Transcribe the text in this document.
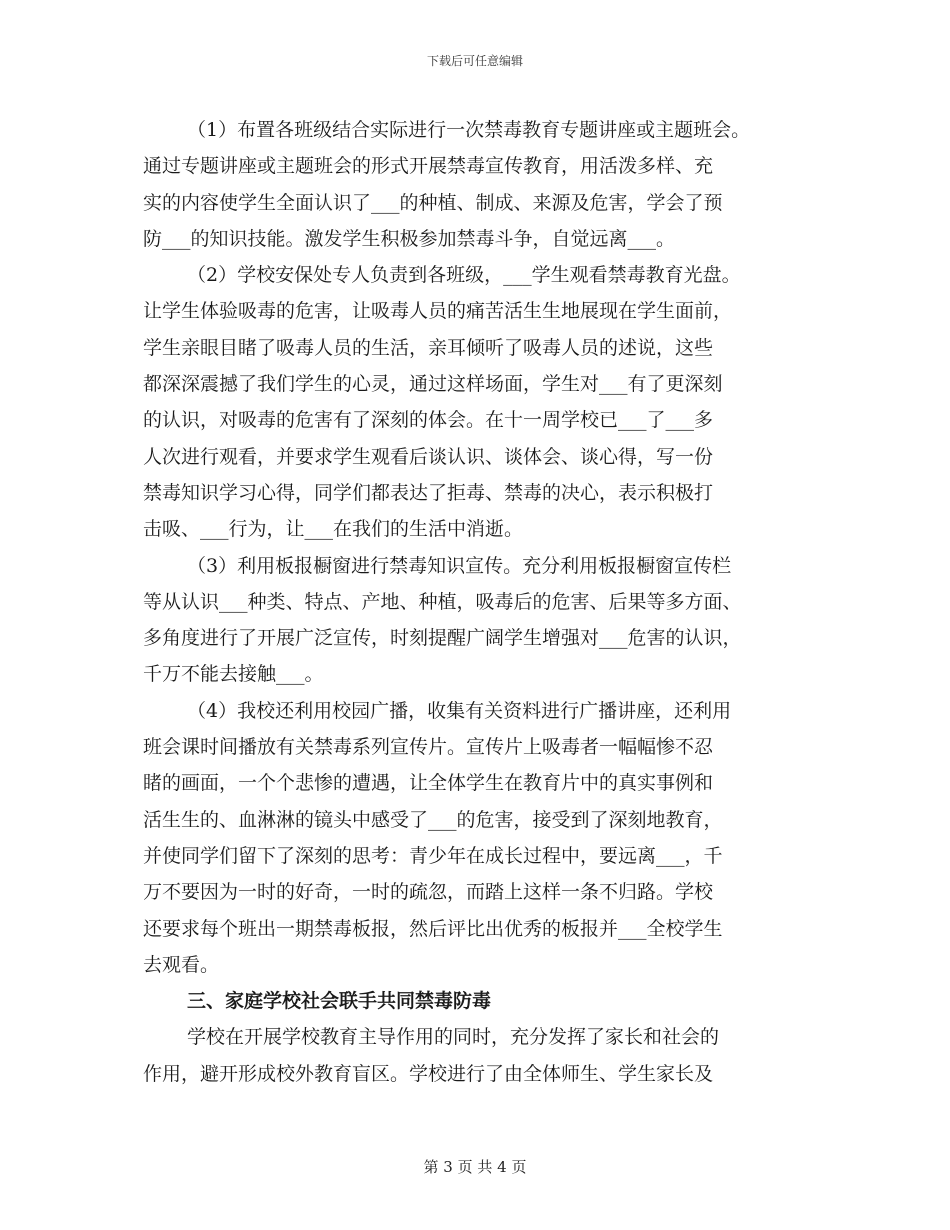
下载后可任意编辑
（1）布置各班级结合实际进行一次禁毒教育专题讲座或主题班会。
通过专题讲座或主题班会的形式开展禁毒宣传教育，用活泼多样、充
实的内容使学生全面认识了___的种植、制成、来源及危害，学会了预
防___的知识技能。激发学生积极参加禁毒斗争，自觉远离___。
（2）学校安保处专人负责到各班级，___学生观看禁毒教育光盘。
让学生体验吸毒的危害，让吸毒人员的痛苦活生生地展现在学生面前，
学生亲眼目睹了吸毒人员的生活，亲耳倾听了吸毒人员的述说，这些
都深深震撼了我们学生的心灵，通过这样场面，学生对___有了更深刻
的认识，对吸毒的危害有了深刻的体会。在十一周学校已___了___多
人次进行观看，并要求学生观看后谈认识、谈体会、谈心得，写一份
禁毒知识学习心得，同学们都表达了拒毒、禁毒的决心，表示积极打
击吸、___行为，让___在我们的生活中消逝。
（3）利用板报橱窗进行禁毒知识宣传。充分利用板报橱窗宣传栏
等从认识___种类、特点、产地、种植，吸毒后的危害、后果等多方面、
多角度进行了开展广泛宣传，时刻提醒广阔学生增强对___危害的认识，
千万不能去接触___。
（4）我校还利用校园广播，收集有关资料进行广播讲座，还利用
班会课时间播放有关禁毒系列宣传片。宣传片上吸毒者一幅幅惨不忍
睹的画面，一个个悲惨的遭遇，让全体学生在教育片中的真实事例和
活生生的、血淋淋的镜头中感受了___的危害，接受到了深刻地教育，
并使同学们留下了深刻的思考：青少年在成长过程中，要远离___，千
万不要因为一时的好奇，一时的疏忽，而踏上这样一条不归路。学校
还要求每个班出一期禁毒板报，然后评比出优秀的板报并___全校学生
去观看。
三、家庭学校社会联手共同禁毒防毒
学校在开展学校教育主导作用的同时，充分发挥了家长和社会的
作用，避开形成校外教育盲区。学校进行了由全体师生、学生家长及
第 3 页 共 4 页
